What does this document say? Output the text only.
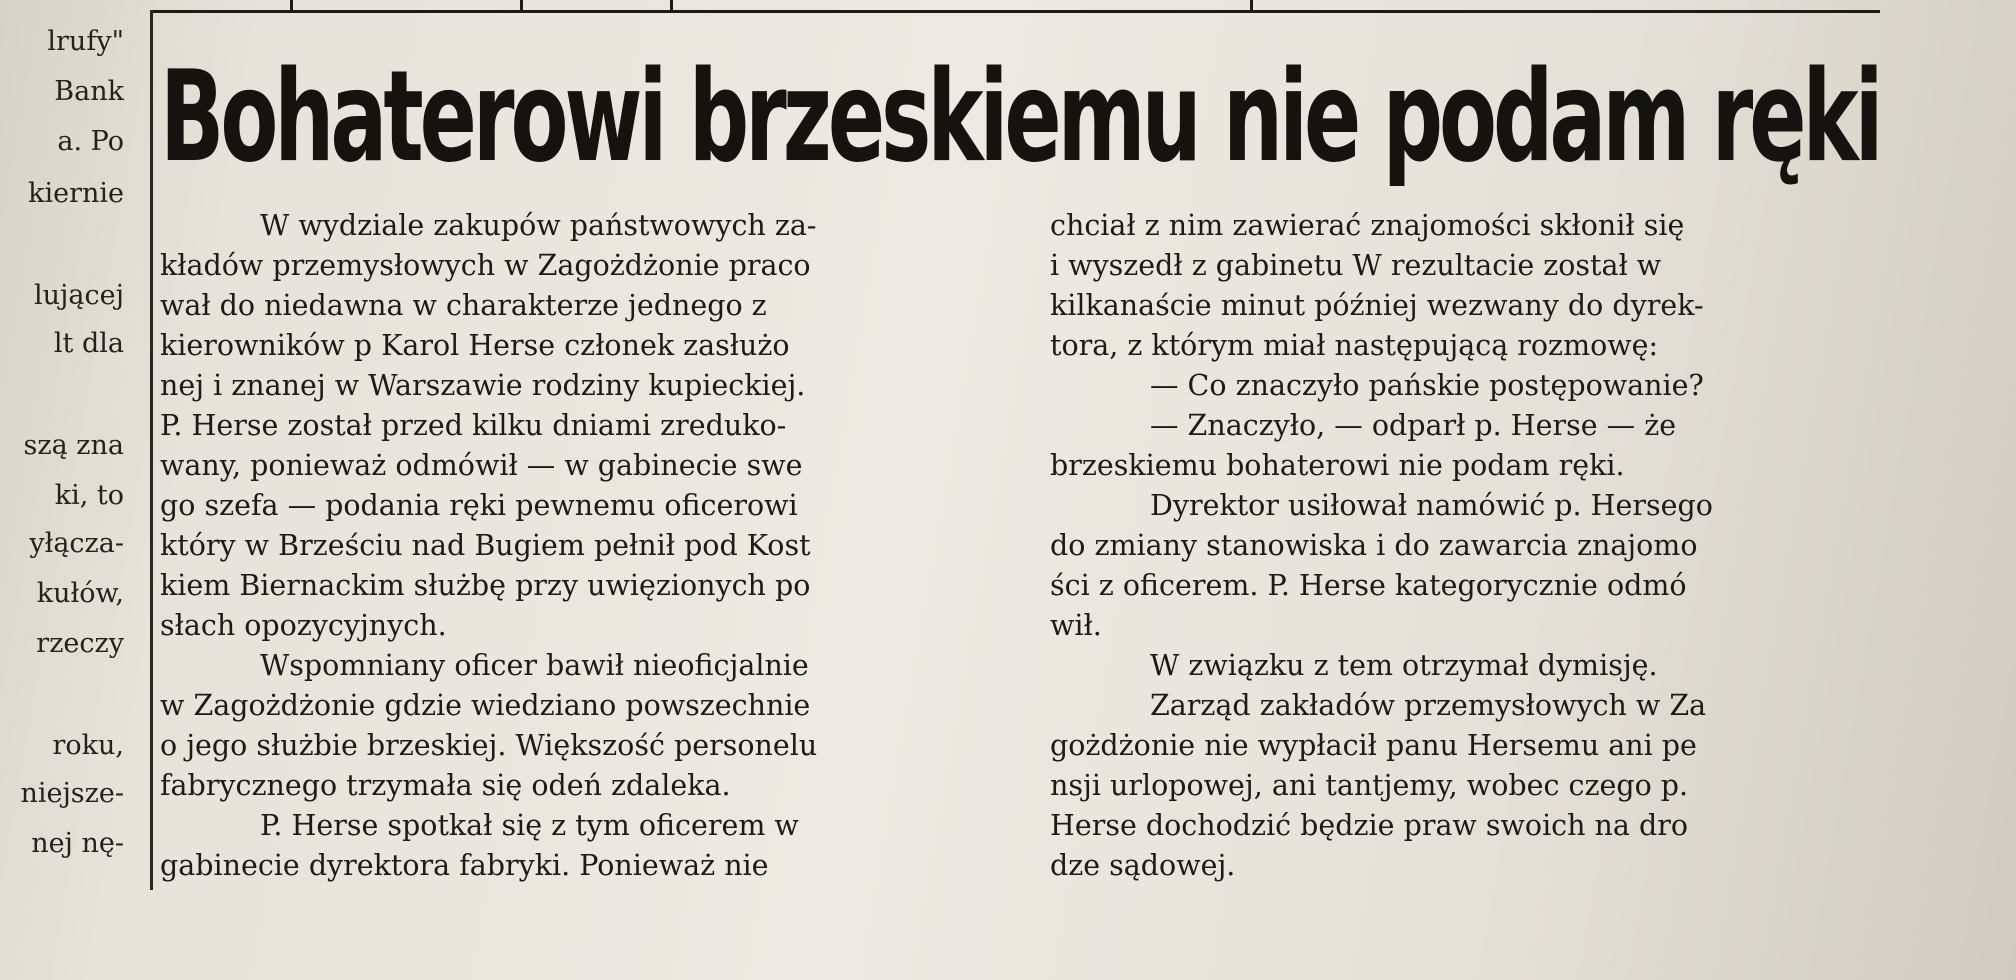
lrufy"
Bank
a. Po
kiernie
lującej
lt dla
szą zna
ki, to
yłącza-
kułów,
rzeczy
roku,
niejsze-
nej nę-
Bohaterowi brzeskiemu nie podam ręki
W wydziale zakupów państwowych za-
kładów przemysłowych w Zagożdżonie praco
wał do niedawna w charakterze jednego z
kierowników p Karol Herse członek zasłużo
nej i znanej w Warszawie rodziny kupieckiej.
P. Herse został przed kilku dniami zreduko-
wany, ponieważ odmówił — w gabinecie swe
go szefa — podania ręki pewnemu oficerowi
który w Brześciu nad Bugiem pełnił pod Kost
kiem Biernackim służbę przy uwięzionych po
słach opozycyjnych.
Wspomniany oficer bawił nieoficjalnie
w Zagożdżonie gdzie wiedziano powszechnie
o jego służbie brzeskiej. Większość personelu
fabrycznego trzymała się odeń zdaleka.
P. Herse spotkał się z tym oficerem w
gabinecie dyrektora fabryki. Ponieważ nie
chciał z nim zawierać znajomości skłonił się
i wyszedł z gabinetu W rezultacie został w
kilkanaście minut później wezwany do dyrek-
tora, z którym miał następującą rozmowę:
— Co znaczyło pańskie postępowanie?
— Znaczyło, — odparł p. Herse — że
brzeskiemu bohaterowi nie podam ręki.
Dyrektor usiłował namówić p. Hersego
do zmiany stanowiska i do zawarcia znajomo
ści z oficerem. P. Herse kategorycznie odmó
wił.
W związku z tem otrzymał dymisję.
Zarząd zakładów przemysłowych w Za
gożdżonie nie wypłacił panu Hersemu ani pe
nsji urlopowej, ani tantjemy, wobec czego p.
Herse dochodzić będzie praw swoich na dro
dze sądowej.
